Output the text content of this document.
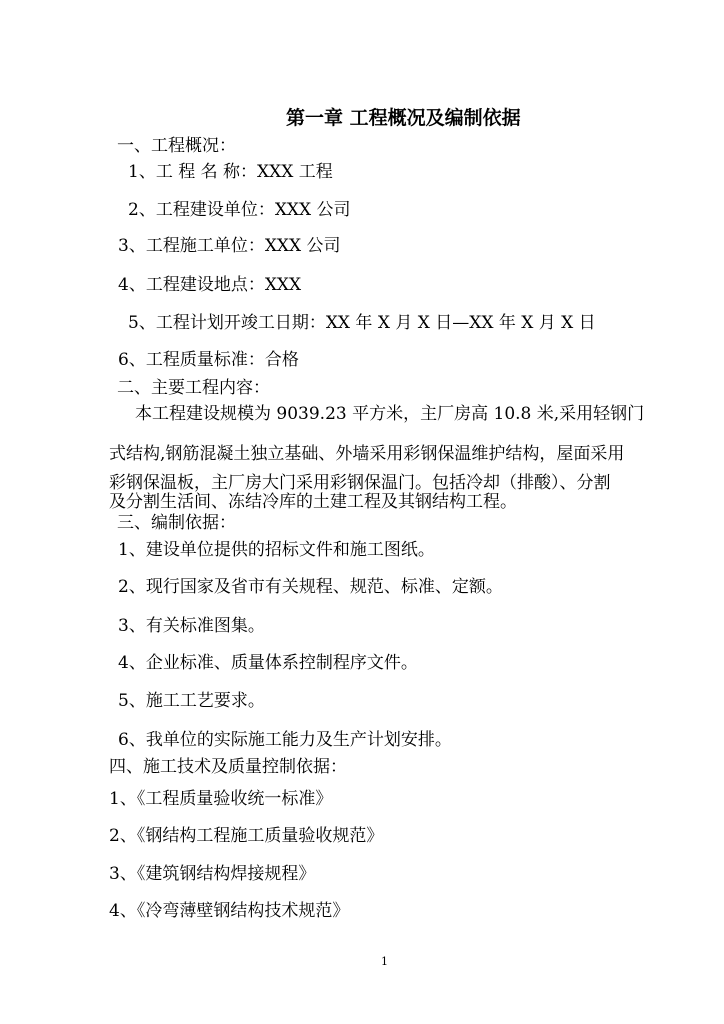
第一章 工程概况及编制依据
一、工程概况：
1、工 程 名 称：XXX 工程
2、工程建设单位：XXX 公司
3、工程施工单位：XXX 公司
4、工程建设地点：XXX
5、工程计划开竣工日期：XX 年 X 月 X 日—XX 年 X 月 X 日
6、工程质量标准：合格
二、主要工程内容：
本工程建设规模为 9039.23 平方米，主厂房高 10.8 米,采用轻钢门
式结构,钢筋混凝土独立基础、外墙采用彩钢保温维护结构，屋面采用
彩钢保温板，主厂房大门采用彩钢保温门。包括冷却（排酸）、分割
及分割生活间、冻结冷库的土建工程及其钢结构工程。
三、编制依据：
1、建设单位提供的招标文件和施工图纸。
2、现行国家及省市有关规程、规范、标准、定额。
3、有关标准图集。
4、企业标准、质量体系控制程序文件。
5、施工工艺要求。
6、我单位的实际施工能力及生产计划安排。
四、施工技术及质量控制依据：
1、《工程质量验收统一标准》
2、《钢结构工程施工质量验收规范》
3、《建筑钢结构焊接规程》
4、《冷弯薄壁钢结构技术规范》
1
